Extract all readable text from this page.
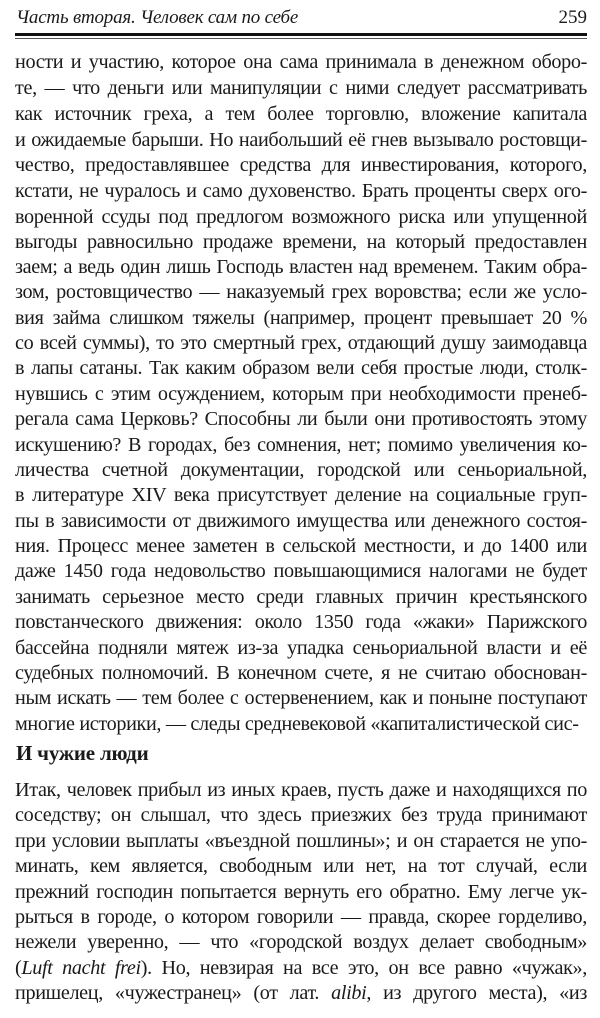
Часть вторая. Человек сам по себе	259
ности и участию, которое она сама принимала в денежном оборо-
те, — что деньги или манипуляции с ними следует рассматривать
как источник греха, а тем более торговлю, вложение капитала
и ожидаемые барыши. Но наибольший её гнев вызывало ростовщи-
чество, предоставлявшее средства для инвестирования, которого,
кстати, не чуралось и само духовенство. Брать проценты сверх ого-
воренной ссуды под предлогом возможного риска или упущенной
выгоды равносильно продаже времени, на который предоставлен
заем; а ведь один лишь Господь властен над временем. Таким обра-
зом, ростовщичество — наказуемый грех воровства; если же усло-
вия займа слишком тяжелы (например, процент превышает 20 %
со всей суммы), то это смертный грех, отдающий душу заимодавца
в лапы сатаны. Так каким образом вели себя простые люди, столк-
нувшись с этим осуждением, которым при необходимости пренеб-
регала сама Церковь? Способны ли были они противостоять этому
искушению? В городах, без сомнения, нет; помимо увеличения ко-
личества счетной документации, городской или сеньориальной,
в литературе XIV века присутствует деление на социальные груп-
пы в зависимости от движимого имущества или денежного состоя-
ния. Процесс менее заметен в сельской местности, и до 1400 или
даже 1450 года недовольство повышающимися налогами не будет
занимать серьезное место среди главных причин крестьянского
повстанческого движения: около 1350 года «жаки» Парижского
бассейна подняли мятеж из-за упадка сеньориальной власти и её
судебных полномочий. В конечном счете, я не считаю обоснован-
ным искать — тем более с остервенением, как и поныне поступают
многие историки, — следы средневековой «капиталистической сис-
И чужие люди
Итак, человек прибыл из иных краев, пусть даже и находящихся по
соседству; он слышал, что здесь приезжих без труда принимают
при условии выплаты «въездной пошлины»; и он старается не упо-
минать, кем является, свободным или нет, на тот случай, если
прежний господин попытается вернуть его обратно. Ему легче ук-
рыться в городе, о котором говорили — правда, скорее горделиво,
нежели уверенно, — что «городской воздух делает свободным»
(Luft nacht frei). Но, невзирая на все это, он все равно «чужак»,
пришелец, «чужестранец» (от лат. alibi, из другого места), «из
